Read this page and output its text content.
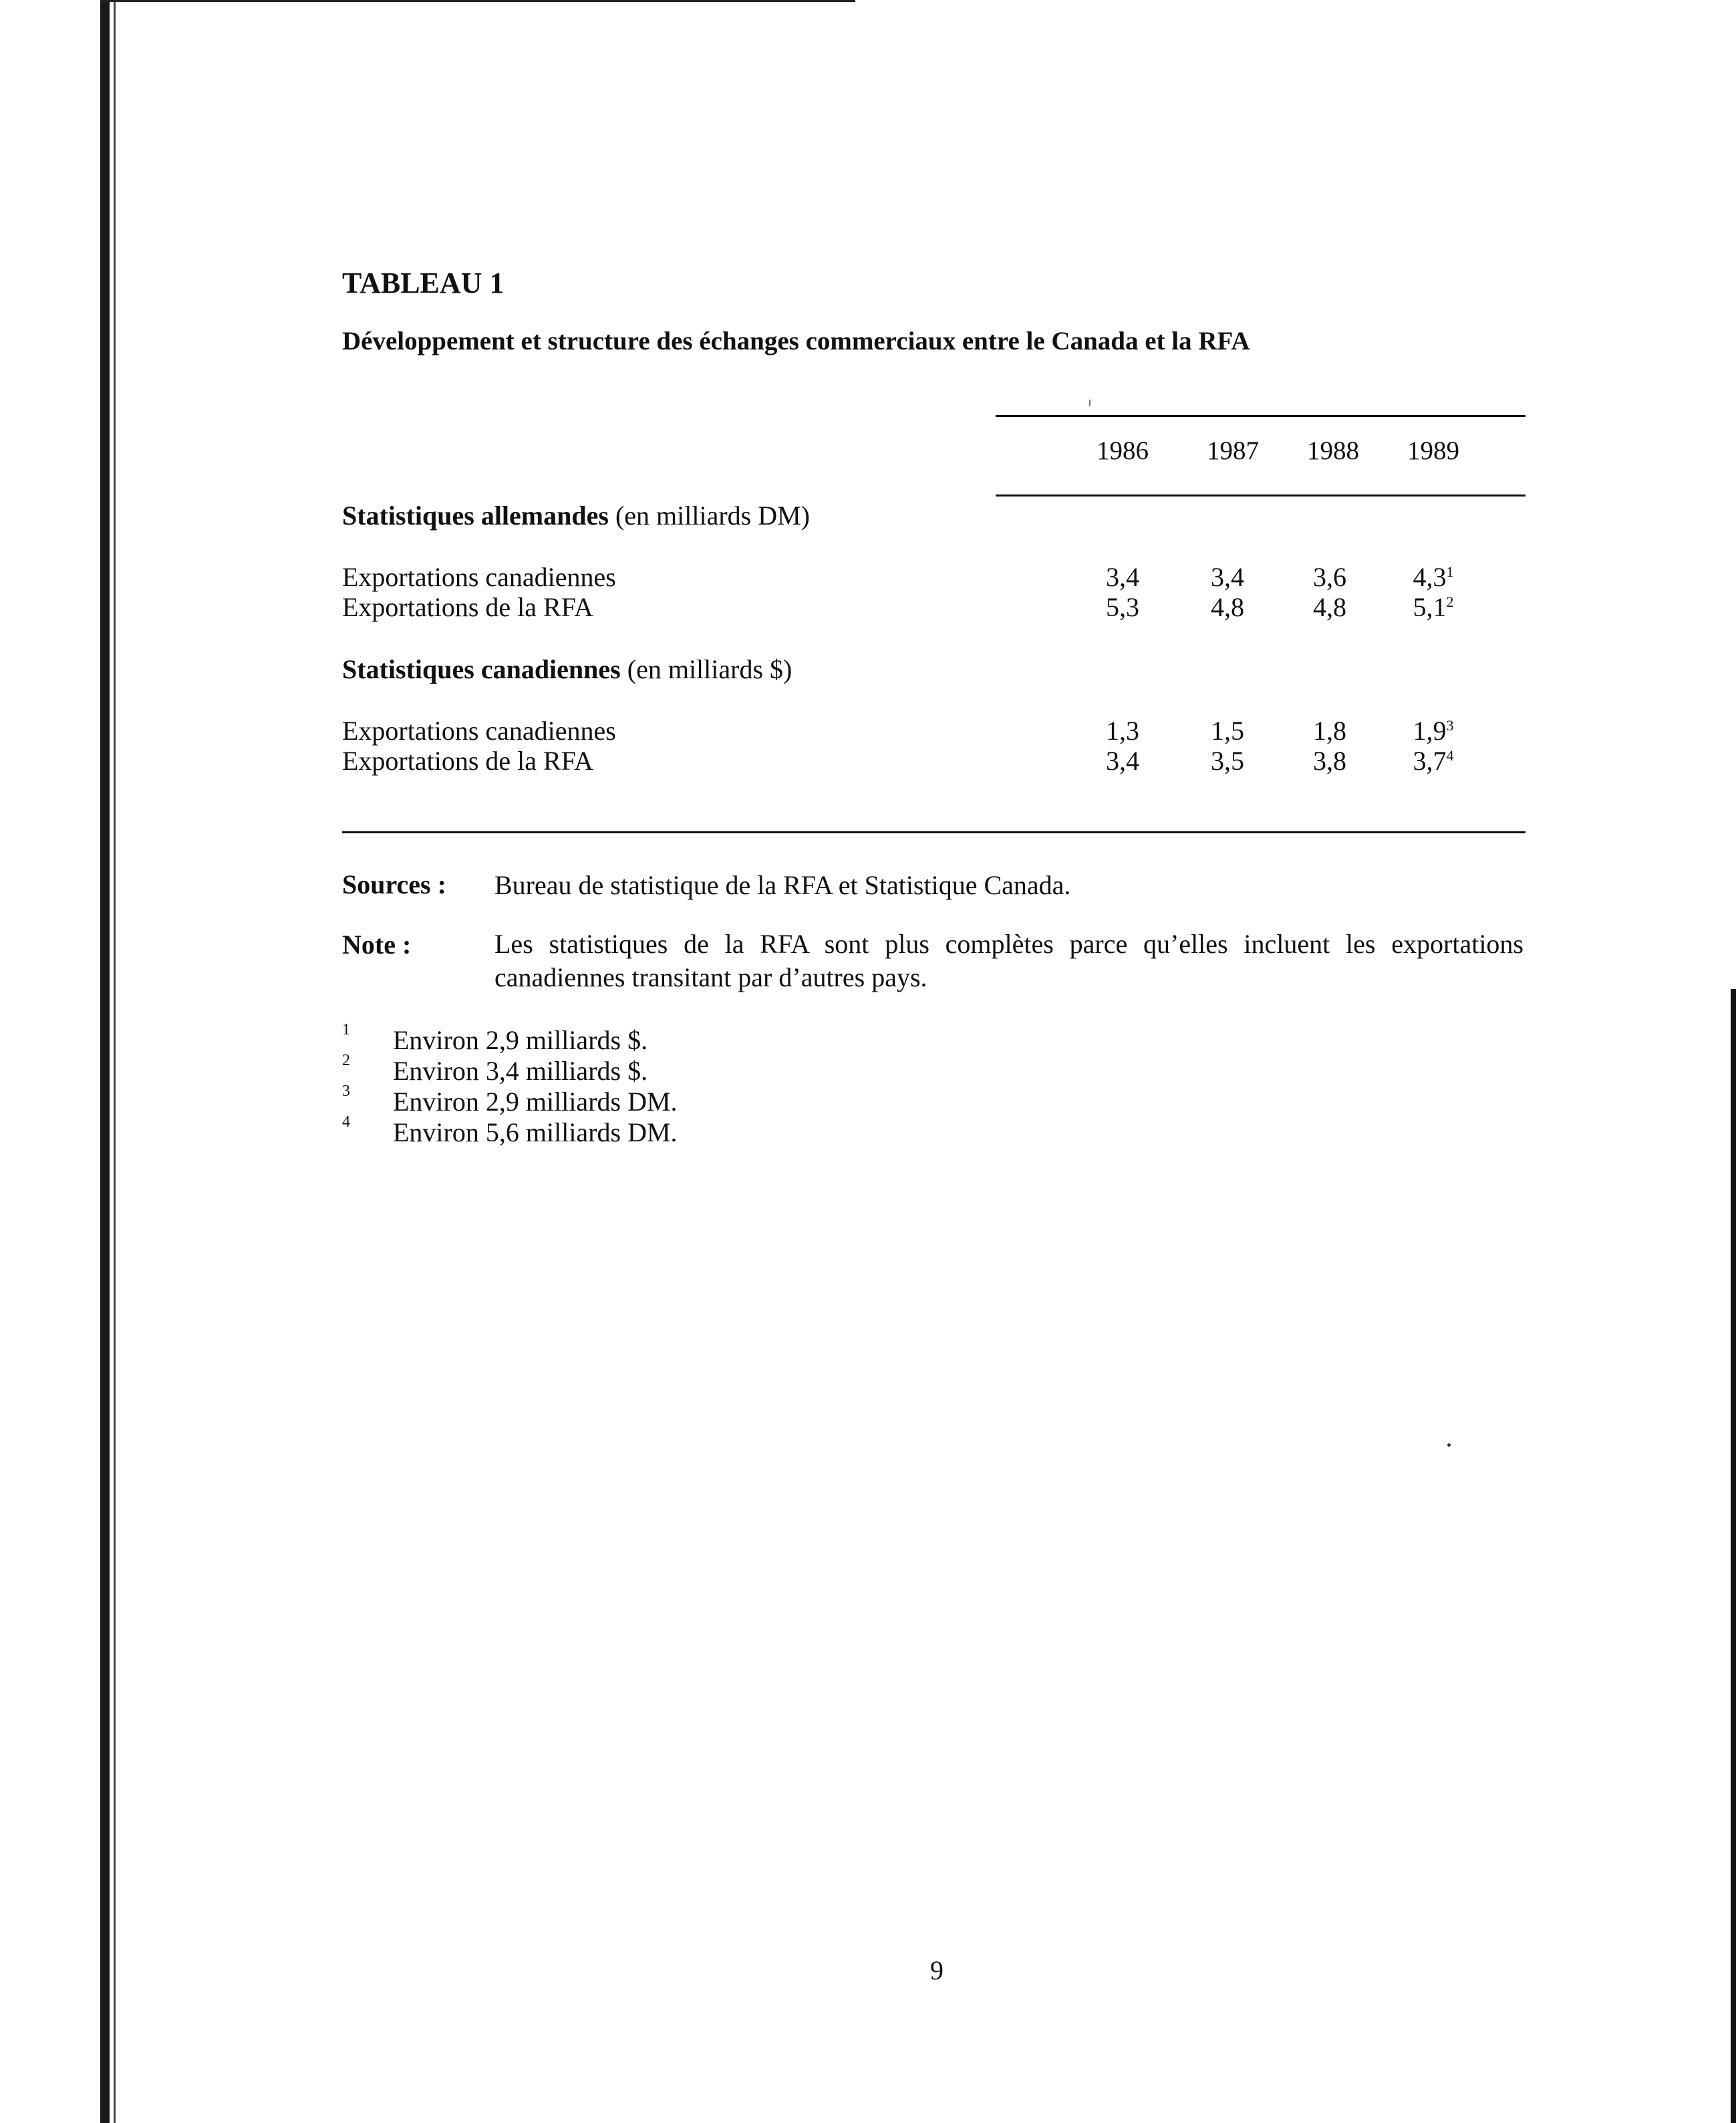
TABLEAU 1
Développement et structure des échanges commerciaux entre le Canada et la RFA
1986	1987	1988	1989
Statistiques allemandes (en milliards DM)
Exportations canadiennes	3,4	3,4	3,6	$4,3^1$
Exportations de la RFA	5,3	4,8	4,8	$5,1^2$
Statistiques canadiennes (en milliards $)
Exportations canadiennes	1,3	1,5	1,8	$1,9^3$
Exportations de la RFA	3,4	3,5	3,8	$3,7^4$
Sources : Bureau de statistique de la RFA et Statistique Canada.
Note :	Les statistiques de la RFA sont plus complètes parce qu’elles incluent les exportations canadiennes transitant par d’autres pays.
1 Environ 2,9 milliards $.
2 Environ 3,4 milliards $.
3 Environ 2,9 milliards DM.
4 Environ 5,6 milliards DM.
9
